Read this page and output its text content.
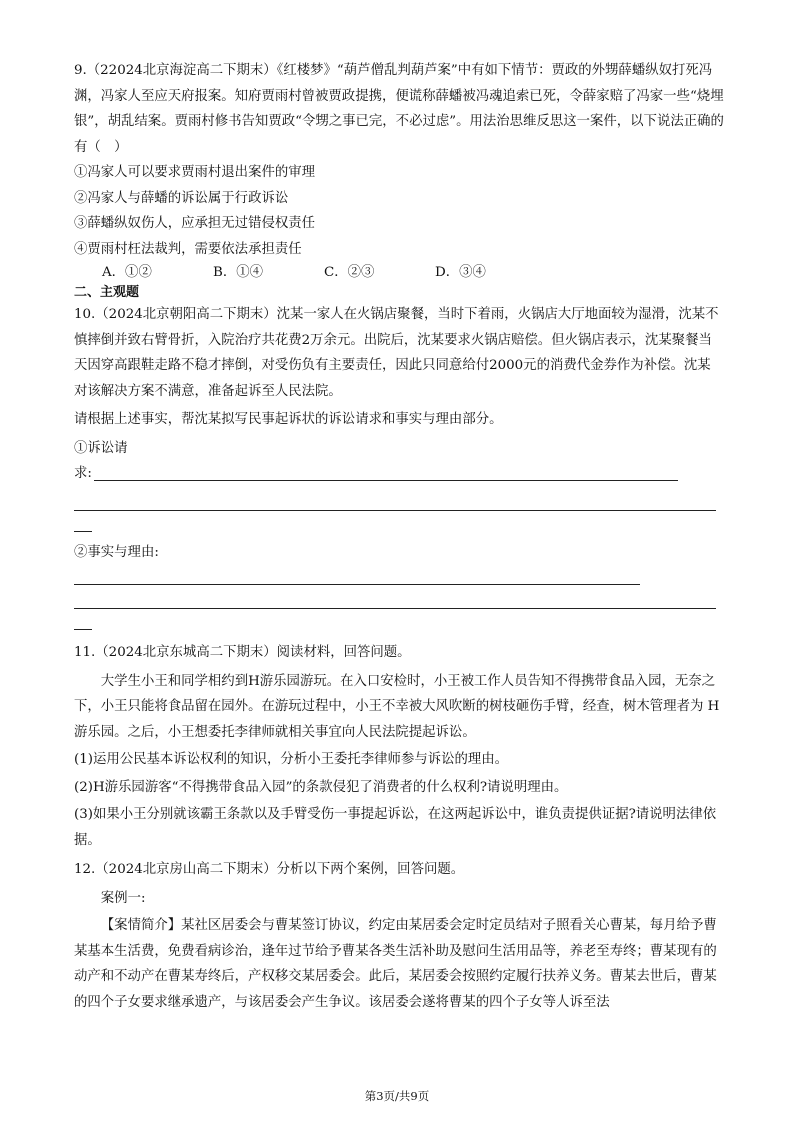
9.（22024北京海淀高二下期末）《红楼梦》“葫芦僧乱判葫芦案”中有如下情节：贾政的外甥薛蟠纵奴打死冯渊，冯家人至应天府报案。知府贾雨村曾被贾政提携，便谎称薛蟠被冯魂追索已死，令薛家赔了冯家一些“烧埋银”，胡乱结案。贾雨村修书告知贾政“令甥之事已完，不必过虑”。用法治思维反思这一案件，以下说法正确的有（　）

①冯家人可以要求贾雨村退出案件的审理

②冯家人与薛蟠的诉讼属于行政诉讼

③薛蟠纵奴伤人，应承担无过错侵权责任

④贾雨村枉法裁判，需要依法承担责任

A．①②	B．①④	C．②③	D．③④

二、主观题

10.（2024北京朝阳高二下期末）沈某一家人在火锅店聚餐，当时下着雨，火锅店大厅地面较为湿滑，沈某不慎摔倒并致右臂骨折，入院治疗共花费2万余元。出院后，沈某要求火锅店赔偿。但火锅店表示，沈某聚餐当天因穿高跟鞋走路不稳才摔倒，对受伤负有主要责任，因此只同意给付2000元的消费代金券作为补偿。沈某对该解决方案不满意，准备起诉至人民法院。

请根据上述事实，帮沈某拟写民事起诉状的诉讼请求和事实与理由部分。

①诉讼请

求:

②事实与理由:

11.（2024北京东城高二下期末）阅读材料，回答问题。

大学生小王和同学相约到H游乐园游玩。在入口安检时，小王被工作人员告知不得携带食品入园，无奈之下，小王只能将食品留在园外。在游玩过程中，小王不幸被大风吹断的树枝砸伤手臂，经查，树木管理者为 H游乐园。之后，小王想委托李律师就相关事宜向人民法院提起诉讼。

(1)运用公民基本诉讼权利的知识，分析小王委托李律师参与诉讼的理由。

(2)H游乐园游客“不得携带食品入园”的条款侵犯了消费者的什么权利?请说明理由。

(3)如果小王分别就该霸王条款以及手臂受伤一事提起诉讼，在这两起诉讼中，谁负责提供证据?请说明法律依据。

12.（2024北京房山高二下期末）分析以下两个案例，回答问题。

案例一:

【案情简介】某社区居委会与曹某签订协议，约定由某居委会定时定员结对子照看关心曹某，每月给予曹某基本生活费，免费看病诊治，逢年过节给予曹某各类生活补助及慰问生活用品等，养老至寿终；曹某现有的动产和不动产在曹某寿终后，产权移交某居委会。此后，某居委会按照约定履行扶养义务。曹某去世后，曹某的四个子女要求继承遗产，与该居委会产生争议。该居委会遂将曹某的四个子女等人诉至法

第3页/共9页
